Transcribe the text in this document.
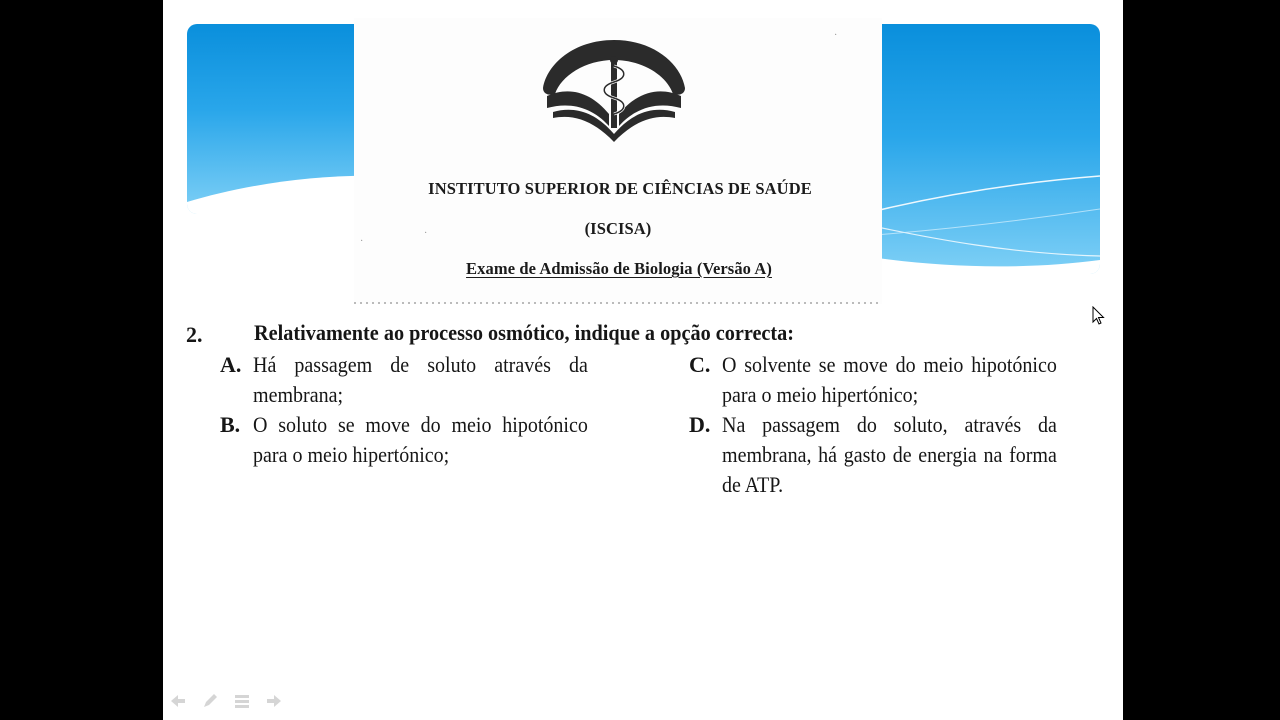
INSTITUTO SUPERIOR DE CIÊNCIAS DE SAÚDE
(ISCISA)
Exame de Admissão de Biologia (Versão A)
·
·
·
2. Relativamente ao processo osmótico, indique a opção correcta:
A. Há passagem de soluto através da membrana;
B. O soluto se move do meio hipotónico para o meio hipertónico;
C. O solvente se move do meio hipotónico para o meio hipertónico;
D. Na passagem do soluto, através da membrana, há gasto de energia na forma de ATP.
